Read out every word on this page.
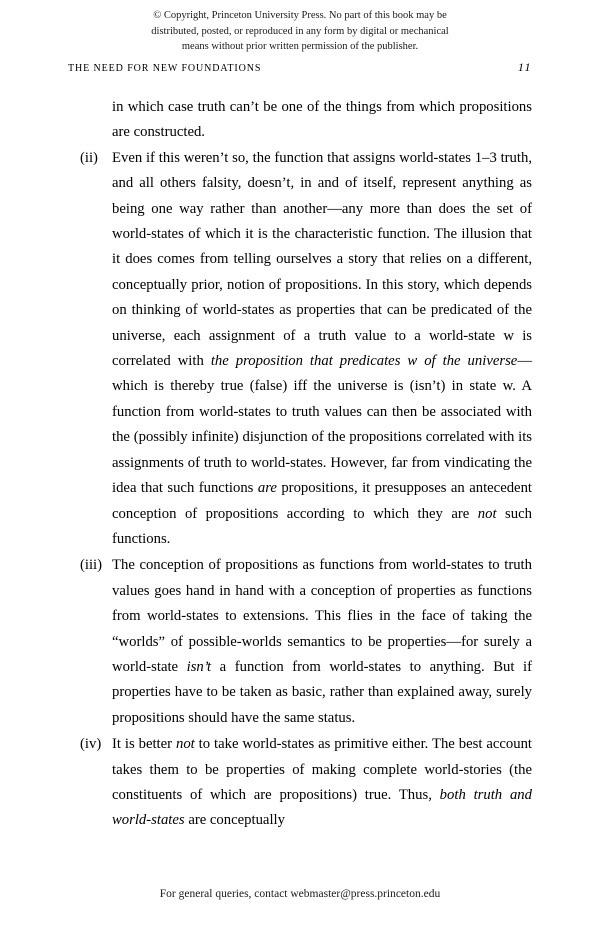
© Copyright, Princeton University Press. No part of this book may be
distributed, posted, or reproduced in any form by digital or mechanical
means without prior written permission of the publisher.
THE NEED FOR NEW FOUNDATIONS	11
in which case truth can’t be one of the things from which propositions are constructed.
(ii) Even if this weren’t so, the function that assigns world-states 1–3 truth, and all others falsity, doesn’t, in and of itself, represent anything as being one way rather than another—any more than does the set of world-states of which it is the characteristic function. The illusion that it does comes from telling ourselves a story that relies on a different, conceptually prior, notion of propositions. In this story, which depends on thinking of world-states as properties that can be predicated of the universe, each assignment of a truth value to a world-state w is correlated with the proposition that predicates w of the universe—which is thereby true (false) iff the universe is (isn’t) in state w. A function from world-states to truth values can then be associated with the (possibly infinite) disjunction of the propositions correlated with its assignments of truth to world-states. However, far from vindicating the idea that such functions are propositions, it presupposes an antecedent conception of propositions according to which they are not such functions.
(iii) The conception of propositions as functions from world-states to truth values goes hand in hand with a conception of properties as functions from world-states to extensions. This flies in the face of taking the “worlds” of possible-worlds semantics to be properties—for surely a world-state isn’t a function from world-states to anything. But if properties have to be taken as basic, rather than explained away, surely propositions should have the same status.
(iv) It is better not to take world-states as primitive either. The best account takes them to be properties of making complete world-stories (the constituents of which are propositions) true. Thus, both truth and world-states are conceptually
For general queries, contact webmaster@press.princeton.edu
